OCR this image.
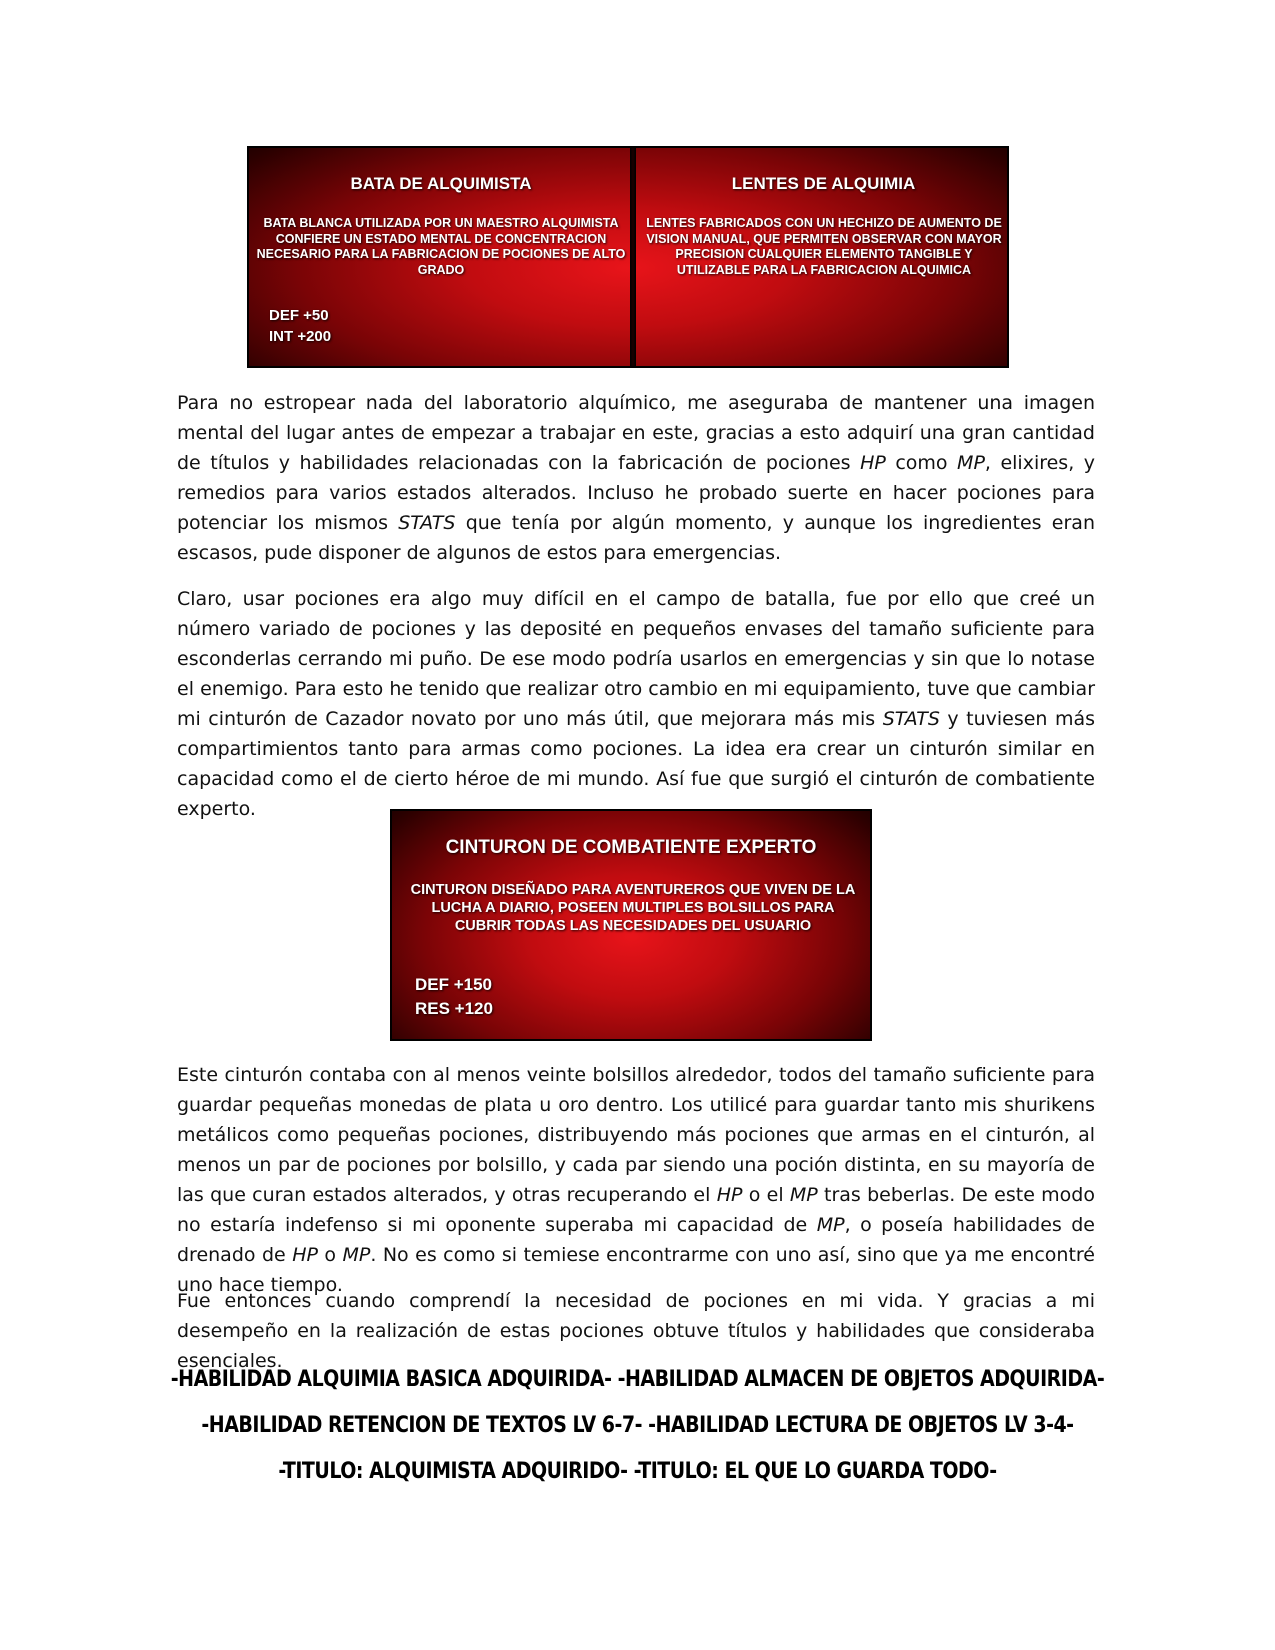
BATA DE ALQUIMISTA
BATA BLANCA UTILIZADA POR UN MAESTRO ALQUIMISTA CONFIERE UN ESTADO MENTAL DE CONCENTRACION NECESARIO PARA LA FABRICACION DE POCIONES DE ALTO GRADO
DEF +50
INT +200
LENTES DE ALQUIMIA
LENTES FABRICADOS CON UN HECHIZO DE AUMENTO DE VISION MANUAL, QUE PERMITEN OBSERVAR CON MAYOR PRECISION CUALQUIER ELEMENTO TANGIBLE Y UTILIZABLE PARA LA FABRICACION ALQUIMICA

Para no estropear nada del laboratorio alquímico, me aseguraba de mantener una imagen mental del lugar antes de empezar a trabajar en este, gracias a esto adquirí una gran cantidad de títulos y habilidades relacionadas con la fabricación de pociones HP como MP, elixires, y remedios para varios estados alterados. Incluso he probado suerte en hacer pociones para potenciar los mismos STATS que tenía por algún momento, y aunque los ingredientes eran escasos, pude disponer de algunos de estos para emergencias.

Claro, usar pociones era algo muy difícil en el campo de batalla, fue por ello que creé un número variado de pociones y las deposité en pequeños envases del tamaño suficiente para esconderlas cerrando mi puño. De ese modo podría usarlos en emergencias y sin que lo notase el enemigo. Para esto he tenido que realizar otro cambio en mi equipamiento, tuve que cambiar mi cinturón de Cazador novato por uno más útil, que mejorara más mis STATS y tuviesen más compartimientos tanto para armas como pociones. La idea era crear un cinturón similar en capacidad como el de cierto héroe de mi mundo. Así fue que surgió el cinturón de combatiente experto.

CINTURON DE COMBATIENTE EXPERTO
CINTURON DISEÑADO PARA AVENTUREROS QUE VIVEN DE LA LUCHA A DIARIO, POSEEN MULTIPLES BOLSILLOS PARA CUBRIR TODAS LAS NECESIDADES DEL USUARIO
DEF +150
RES +120

Este cinturón contaba con al menos veinte bolsillos alrededor, todos del tamaño suficiente para guardar pequeñas monedas de plata u oro dentro. Los utilicé para guardar tanto mis shurikens metálicos como pequeñas pociones, distribuyendo más pociones que armas en el cinturón, al menos un par de pociones por bolsillo, y cada par siendo una poción distinta, en su mayoría de las que curan estados alterados, y otras recuperando el HP o el MP tras beberlas. De este modo no estaría indefenso si mi oponente superaba mi capacidad de MP, o poseía habilidades de drenado de HP o MP. No es como si temiese encontrarme con uno así, sino que ya me encontré uno hace tiempo.

Fue entonces cuando comprendí la necesidad de pociones en mi vida. Y gracias a mi desempeño en la realización de estas pociones obtuve títulos y habilidades que consideraba esenciales.

-HABILIDAD ALQUIMIA BASICA ADQUIRIDA- -HABILIDAD ALMACEN DE OBJETOS ADQUIRIDA-
-HABILIDAD RETENCION DE TEXTOS LV 6-7- -HABILIDAD LECTURA DE OBJETOS LV 3-4-
-TITULO: ALQUIMISTA ADQUIRIDO- -TITULO: EL QUE LO GUARDA TODO-
